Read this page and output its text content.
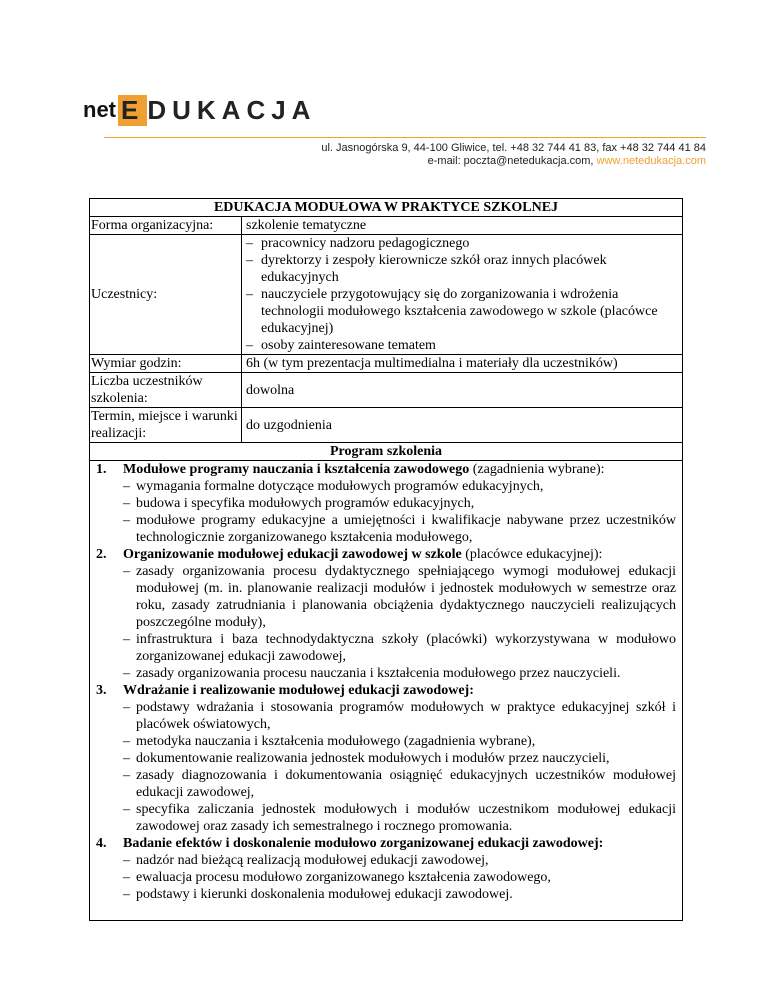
net E DUKACJA
ul. Jasnogórska 9, 44-100 Gliwice, tel. +48 32 744 41 83, fax +48 32 744 41 84
e-mail: poczta@netedukacja.com, www.netedukacja.com
EDUKACJA MODUŁOWA W PRAKTYCE SZKOLNEJ
Forma organizacyjna:	szkolenie tematyczne
Uczestnicy:
– pracownicy nadzoru pedagogicznego
– dyrektorzy i zespoły kierownicze szkół oraz innych placówek edukacyjnych
– nauczyciele przygotowujący się do zorganizowania i wdrożenia technologii modułowego kształcenia zawodowego w szkole (placówce edukacyjnej)
– osoby zainteresowane tematem
Wymiar godzin:	6h (w tym prezentacja multimedialna i materiały dla uczestników)
Liczba uczestników szkolenia:
dowolna
Termin, miejsce i warunki realizacji:
do uzgodnienia
Program szkolenia
1.	Modułowe programy nauczania i kształcenia zawodowego (zagadnienia wybrane):
– wymagania formalne dotyczące modułowych programów edukacyjnych,
– budowa i specyfika modułowych programów edukacyjnych,
– modułowe programy edukacyjne a umiejętności i kwalifikacje nabywane przez uczestników technologicznie zorganizowanego kształcenia modułowego,
2.	Organizowanie modułowej edukacji zawodowej w szkole (placówce edukacyjnej):
– zasady organizowania procesu dydaktycznego spełniającego wymogi modułowej edukacji modułowej (m. in. planowanie realizacji modułów i jednostek modułowych w semestrze oraz roku, zasady zatrudniania i planowania obciążenia dydaktycznego nauczycieli realizujących poszczególne moduły),
– infrastruktura i baza technodydaktyczna szkoły (placówki) wykorzystywana w modułowo zorganizowanej edukacji zawodowej,
– zasady organizowania procesu nauczania i kształcenia modułowego przez nauczycieli.
3.	Wdrażanie i realizowanie modułowej edukacji zawodowej:
– podstawy wdrażania i stosowania programów modułowych w praktyce edukacyjnej szkół i placówek oświatowych,
– metodyka nauczania i kształcenia modułowego (zagadnienia wybrane),
– dokumentowanie realizowania jednostek modułowych i modułów przez nauczycieli,
– zasady diagnozowania i dokumentowania osiągnięć edukacyjnych uczestników modułowej edukacji zawodowej,
– specyfika zaliczania jednostek modułowych i modułów uczestnikom modułowej edukacji zawodowej oraz zasady ich semestralnego i rocznego promowania.
4.	Badanie efektów i doskonalenie modułowo zorganizowanej edukacji zawodowej:
– nadzór nad bieżącą realizacją modułowej edukacji zawodowej,
– ewaluacja procesu modułowo zorganizowanego kształcenia zawodowego,
– podstawy i kierunki doskonalenia modułowej edukacji zawodowej.
